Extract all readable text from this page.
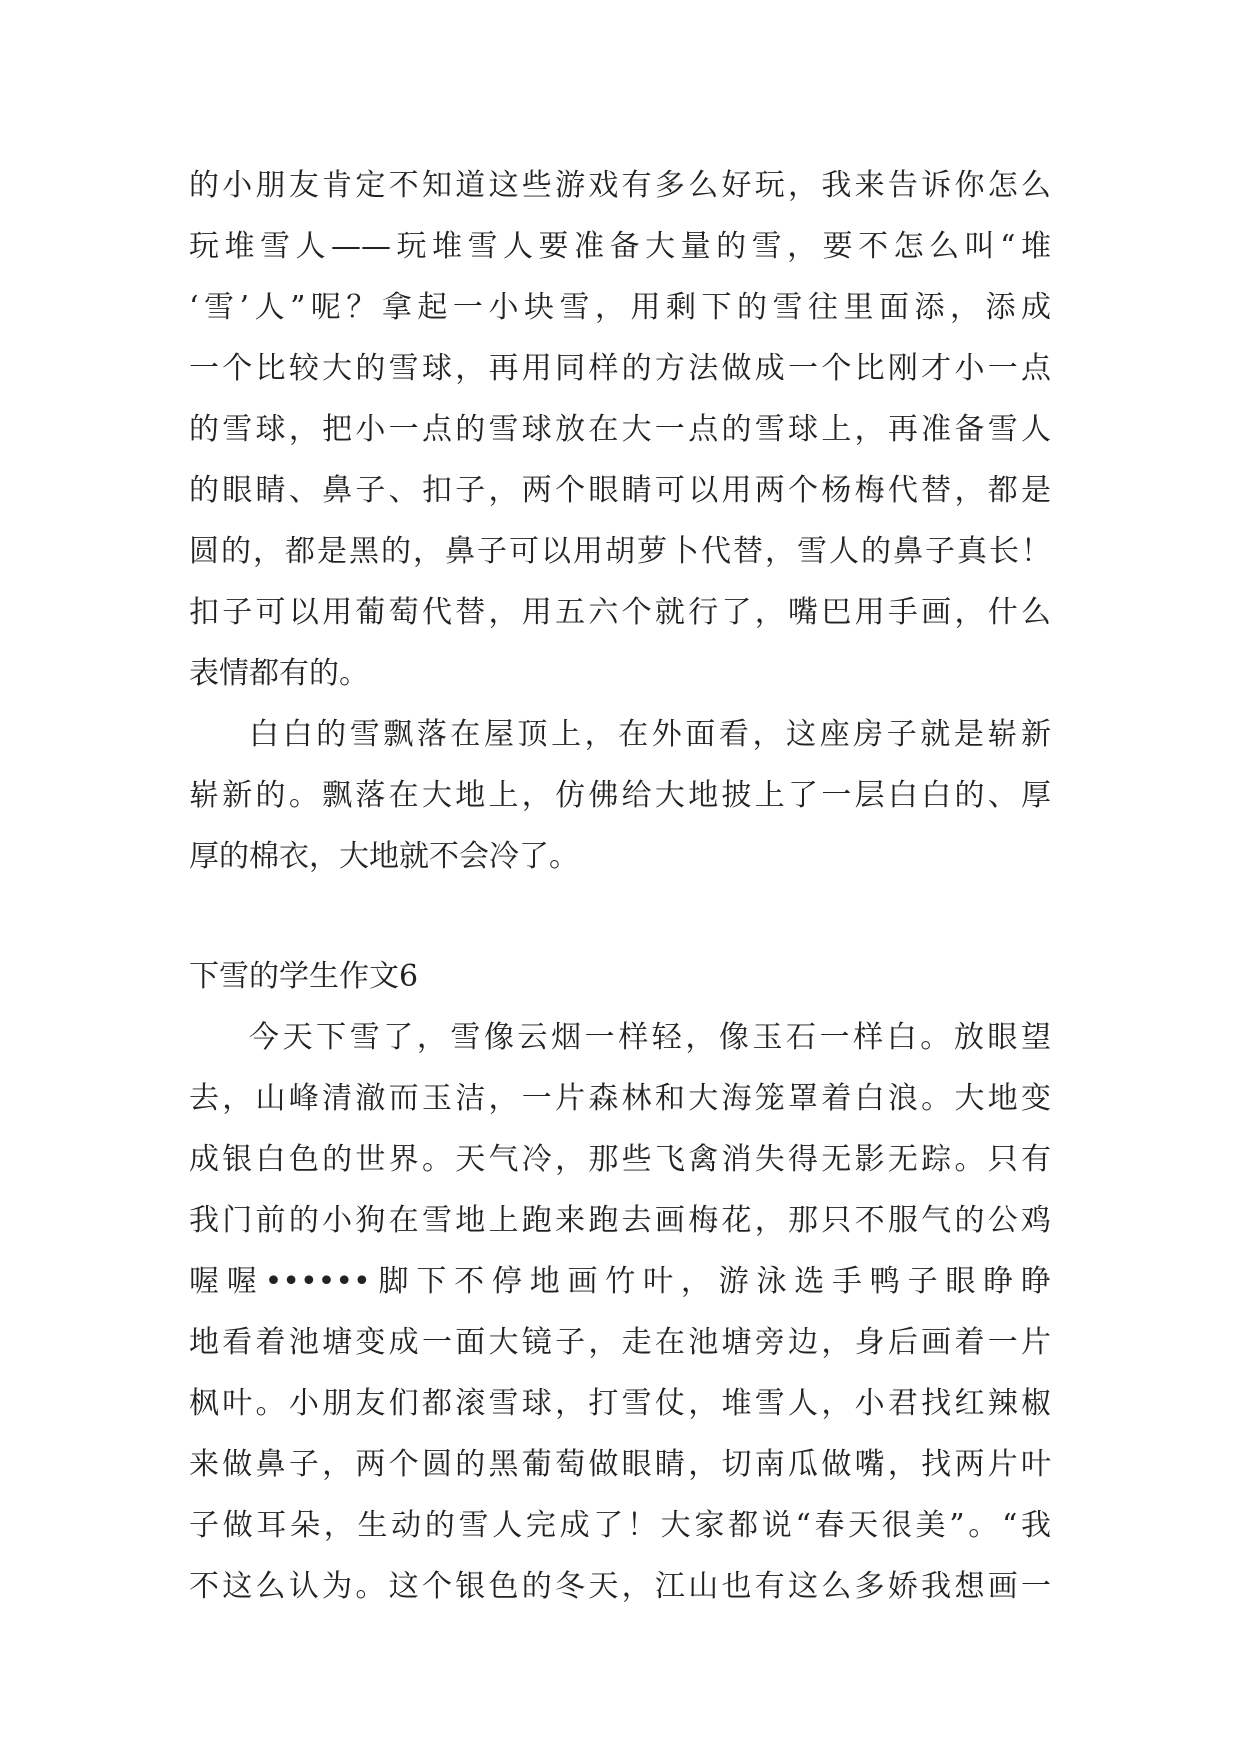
的小朋友肯定不知道这些游戏有多么好玩，我来告诉你怎么
玩堆雪人——玩堆雪人要准备大量的雪，要不怎么叫“堆
‘雪’人”呢？拿起一小块雪，用剩下的雪往里面添，添成
一个比较大的雪球，再用同样的方法做成一个比刚才小一点
的雪球，把小一点的雪球放在大一点的雪球上，再准备雪人
的眼睛、鼻子、扣子，两个眼睛可以用两个杨梅代替，都是
圆的，都是黑的，鼻子可以用胡萝卜代替，雪人的鼻子真长！
扣子可以用葡萄代替，用五六个就行了，嘴巴用手画，什么
表情都有的。
白白的雪飘落在屋顶上，在外面看，这座房子就是崭新
崭新的。飘落在大地上，仿佛给大地披上了一层白白的、厚
厚的棉衣，大地就不会冷了。
下雪的学生作文6
今天下雪了，雪像云烟一样轻，像玉石一样白。放眼望
去，山峰清澈而玉洁，一片森林和大海笼罩着白浪。大地变
成银白色的世界。天气冷，那些飞禽消失得无影无踪。只有
我门前的小狗在雪地上跑来跑去画梅花，那只不服气的公鸡
喔喔••••••脚下不停地画竹叶，游泳选手鸭子眼睁睁
地看着池塘变成一面大镜子，走在池塘旁边，身后画着一片
枫叶。小朋友们都滚雪球，打雪仗，堆雪人，小君找红辣椒
来做鼻子，两个圆的黑葡萄做眼睛，切南瓜做嘴，找两片叶
子做耳朵，生动的雪人完成了！大家都说“春天很美”。“我
不这么认为。这个银色的冬天，江山也有这么多娇我想画一
